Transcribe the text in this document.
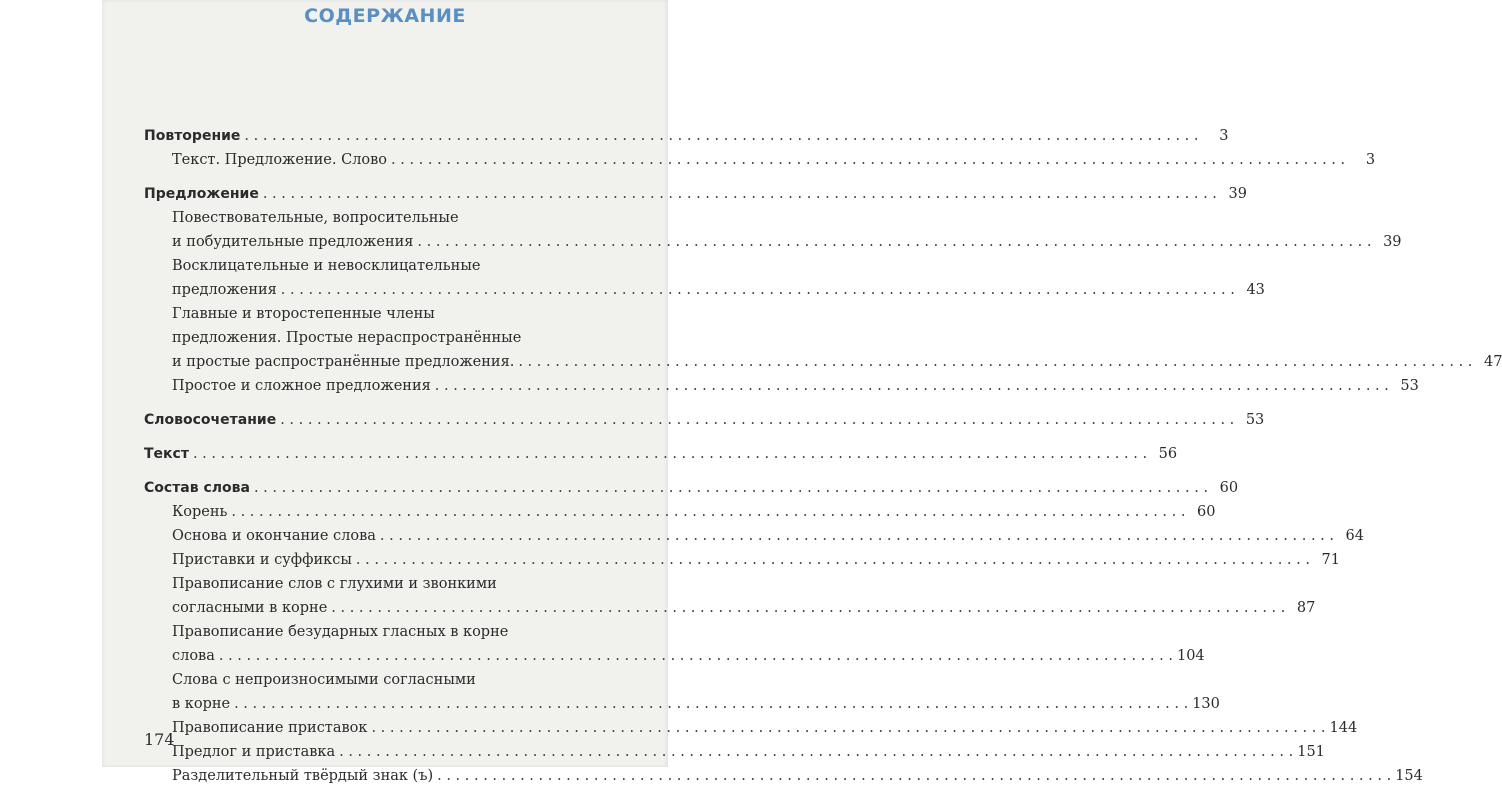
СОДЕРЖАНИЕ
Повторение . . .	3
Текст. Предложение. Слово . . .	3
Предложение . . .	39
Повествовательные, вопросительные
и побудительные предложения . . .	39
Восклицательные и невосклицательные
предложения . . .	43
Главные и второстепенные члены
предложения. Простые нераспространённые
и простые распространённые предложения. . . .	47
Простое и сложное предложения . . .	53
Словосочетание . . .	53
Текст . . .	56
Состав слова . . .	60
Корень . . .	60
Основа и окончание слова . . .	64
Приставки и суффиксы . . .	71
Правописание слов с глухими и звонкими
согласными в корне . . .	87
Правописание безударных гласных в корне
слова . . .	104
Слова с непроизносимыми согласными
в корне . . .	130
Правописание приставок . . .	144
Предлог и приставка . . .	151
Разделительный твёрдый знак (ъ) . . .	154
174
